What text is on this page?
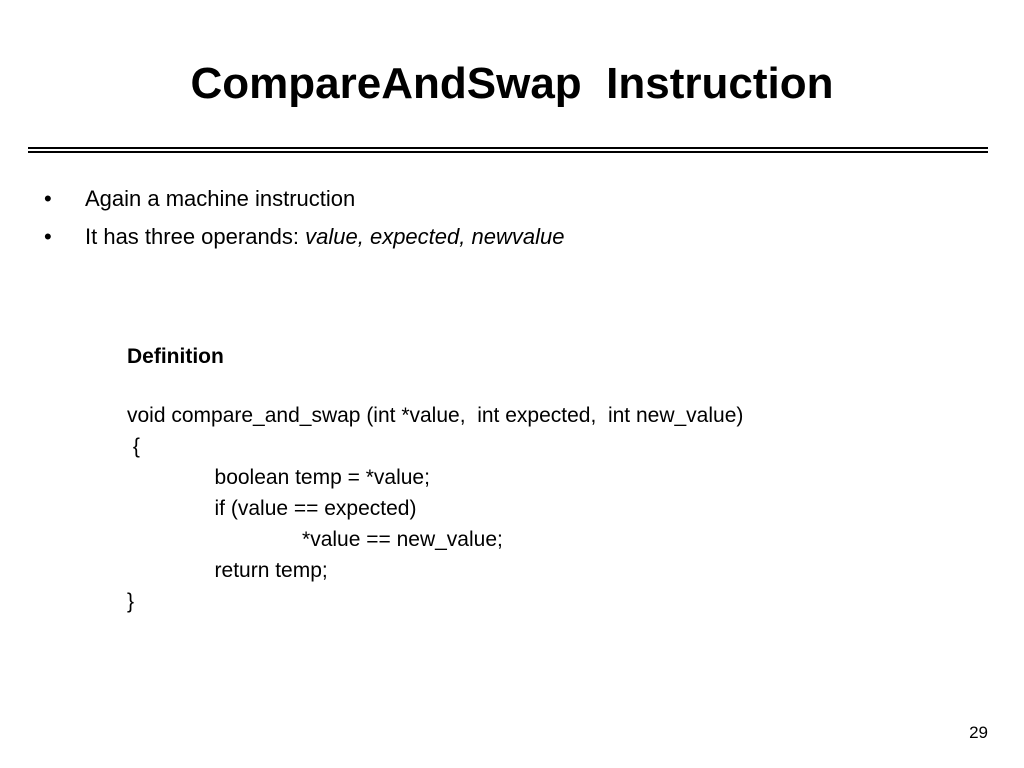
CompareAndSwap  Instruction
• Again a machine instruction
• It has three operands: value, expected, newvalue
Definition
void compare_and_swap (int *value,  int expected,  int new_value)
{
boolean temp = *value;
if (value == expected)
*value == new_value;
return temp;
}
29
